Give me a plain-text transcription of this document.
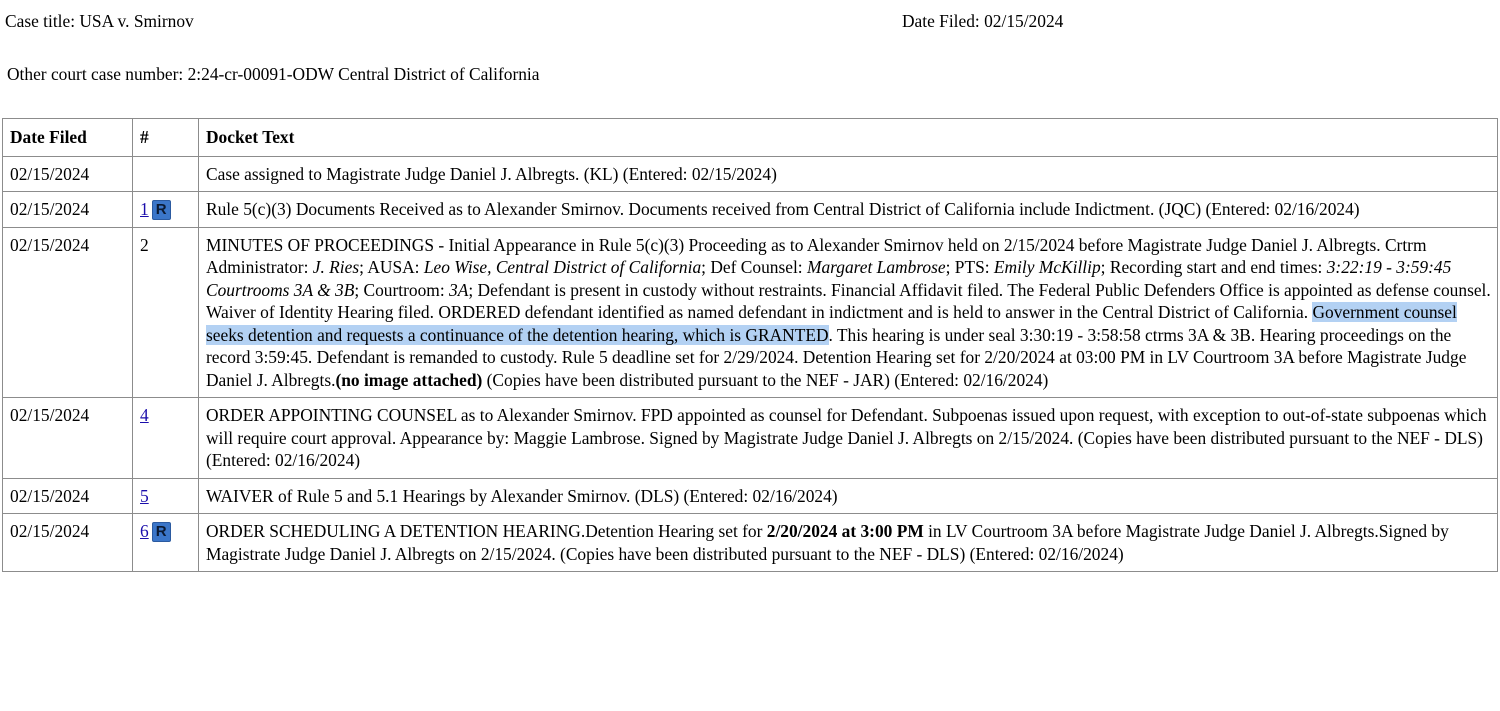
Case title: USA v. Smirnov	Date Filed: 02/15/2024
Other court case number: 2:24-cr-00091-ODW Central District of California
Date Filed	#	Docket Text
02/15/2024		Case assigned to Magistrate Judge Daniel J. Albregts. (KL) (Entered: 02/15/2024)
02/15/2024	1 R	Rule 5(c)(3) Documents Received as to Alexander Smirnov. Documents received from Central District of California include Indictment. (JQC) (Entered: 02/16/2024)
02/15/2024	2	MINUTES OF PROCEEDINGS - Initial Appearance in Rule 5(c)(3) Proceeding as to Alexander Smirnov held on 2/15/2024 before Magistrate Judge Daniel J. Albregts. Crtrm Administrator: J. Ries; AUSA: Leo Wise, Central District of California; Def Counsel: Margaret Lambrose; PTS: Emily McKillip; Recording start and end times: 3:22:19 - 3:59:45 Courtrooms 3A & 3B; Courtroom: 3A; Defendant is present in custody without restraints. Financial Affidavit filed. The Federal Public Defenders Office is appointed as defense counsel. Waiver of Identity Hearing filed. ORDERED defendant identified as named defendant in indictment and is held to answer in the Central District of California. Government counsel seeks detention and requests a continuance of the detention hearing, which is GRANTED. This hearing is under seal 3:30:19 - 3:58:58 ctrms 3A & 3B. Hearing proceedings on the record 3:59:45. Defendant is remanded to custody. Rule 5 deadline set for 2/29/2024. Detention Hearing set for 2/20/2024 at 03:00 PM in LV Courtroom 3A before Magistrate Judge Daniel J. Albregts.(no image attached) (Copies have been distributed pursuant to the NEF - JAR) (Entered: 02/16/2024)
02/15/2024	4	ORDER APPOINTING COUNSEL as to Alexander Smirnov. FPD appointed as counsel for Defendant. Subpoenas issued upon request, with exception to out-of-state subpoenas which will require court approval. Appearance by: Maggie Lambrose. Signed by Magistrate Judge Daniel J. Albregts on 2/15/2024. (Copies have been distributed pursuant to the NEF - DLS) (Entered: 02/16/2024)
02/15/2024	5	WAIVER of Rule 5 and 5.1 Hearings by Alexander Smirnov. (DLS) (Entered: 02/16/2024)
02/15/2024	6 R	ORDER SCHEDULING A DETENTION HEARING.Detention Hearing set for 2/20/2024 at 3:00 PM in LV Courtroom 3A before Magistrate Judge Daniel J. Albregts.Signed by Magistrate Judge Daniel J. Albregts on 2/15/2024. (Copies have been distributed pursuant to the NEF - DLS) (Entered: 02/16/2024)
